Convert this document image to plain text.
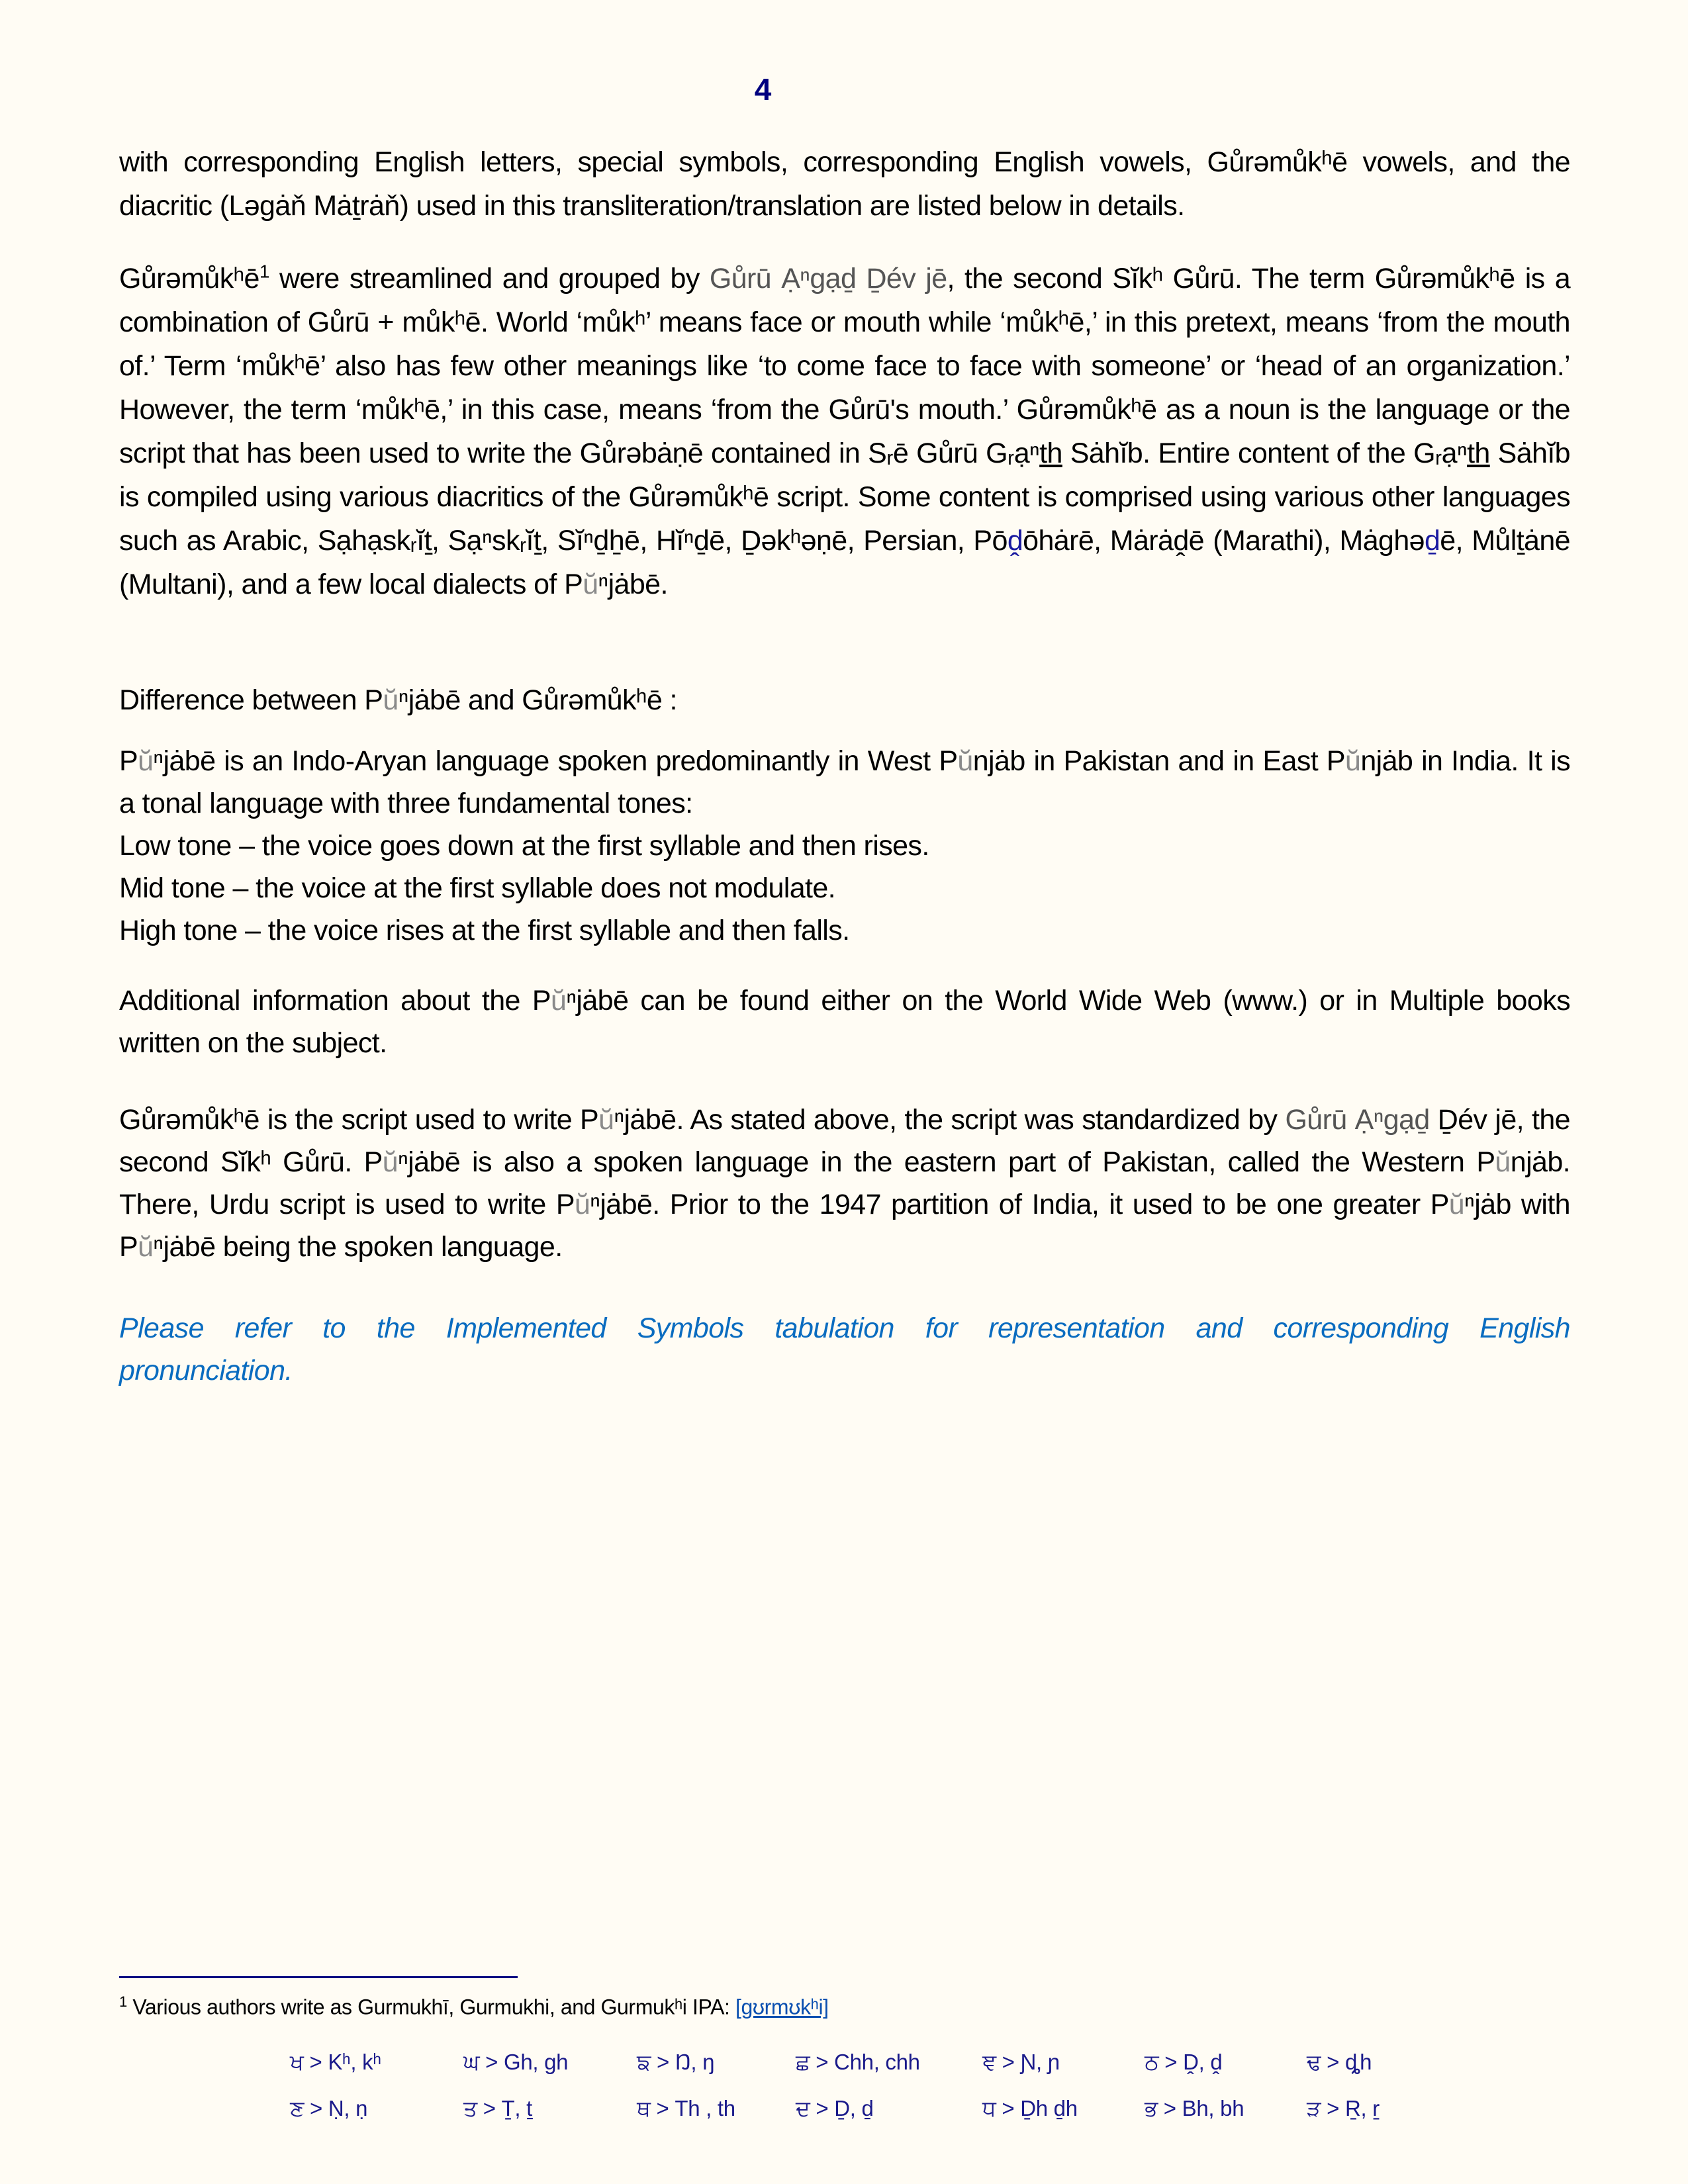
4

with corresponding English letters, special symbols, corresponding English vowels, Gůrəmůkʰē vowels, and the diacritic (Ləgȧň Mȧṯrȧň) used in this transliteration/translation are listed below in details.

Gůrəmůkʰē$^1$ were streamlined and grouped by Gůrū Ạⁿgạḏ Ḏév jē, the second Sĭkʰ Gůrū. The term Gůrəmůkʰē is a combination of Gůrū + můkʰē. World ‘můkʰ’ means face or mouth while ‘můkʰē,’ in this pretext, means ‘from the mouth of.’ Term ‘můkʰē’ also has few other meanings like ‘to come face to face with someone’ or ‘head of an organization.’ However, the term ‘můkʰē,’ in this case, means ‘from the Gůrū's mouth.’ Gůrəmůkʰē as a noun is the language or the script that has been used to write the Gůrəbȧṇē contained in Sᵣē Gůrū Gᵣạⁿth Sȧhĭb. Entire content of the Gᵣạⁿth Sȧhĭb is compiled using various diacritics of the Gůrəmůkʰē script. Some content is comprised using various other languages such as Arabic, Sạhạskᵣĭṯ, Sạⁿskᵣĭṯ, Sĭⁿḏẖē, Hĭⁿḏē, Ḏəkʰəṇē, Persian, Pōḓōhȧrē, Mȧrȧḓē (Marathi), Mȧghəḏē, Můlṯȧnē (Multani), and a few local dialects of Pŭⁿjȧbē.

Difference between Pŭⁿjȧbē and Gůrəmůkʰē :

Pŭⁿjȧbē is an Indo-Aryan language spoken predominantly in West Pŭnjȧb in Pakistan and in East Pŭnjȧb in India. It is a tonal language with three fundamental tones:

Low tone – the voice goes down at the first syllable and then rises.

Mid tone – the voice at the first syllable does not modulate.

High tone – the voice rises at the first syllable and then falls.

Additional information about the Pŭⁿjȧbē can be found either on the World Wide Web (www.) or in Multiple books written on the subject.

Gůrəmůkʰē is the script used to write Pŭⁿjȧbē. As stated above, the script was standardized by Gůrū Ạⁿgạḏ Ḏév jē, the second Sĭkʰ Gůrū. Pŭⁿjȧbē is also a spoken language in the eastern part of Pakistan, called the Western Pŭnjȧb. There, Urdu script is used to write Pŭⁿjȧbē. Prior to the 1947 partition of India, it used to be one greater Pŭⁿjȧb with Pŭⁿjȧbē being the spoken language.

Please refer to the Implemented Symbols tabulation for representation and corresponding English pronunciation.

$^1$ Various authors write as Gurmukhī, Gurmukhi, and Gurmukʰi IPA: [ɡʊrmʊkʰi]
ਖ > Kʰ, kʰ	ਘ > Gh, gh	ਙ > Ŋ, ŋ	ਛ > Chh, chh	ਞ > Ɲ, ɲ	ਠ > Ḓ, ḓ	ਢ > ȡh
ਣ > Ṇ, ṇ	ਤ > Ṯ, ṯ	ਥ > Th , th	ਦ > Ḏ, ḏ	ਧ > Ḏh ḏh	ਭ > Bh, bh	ੜ > Ṟ, ṟ
